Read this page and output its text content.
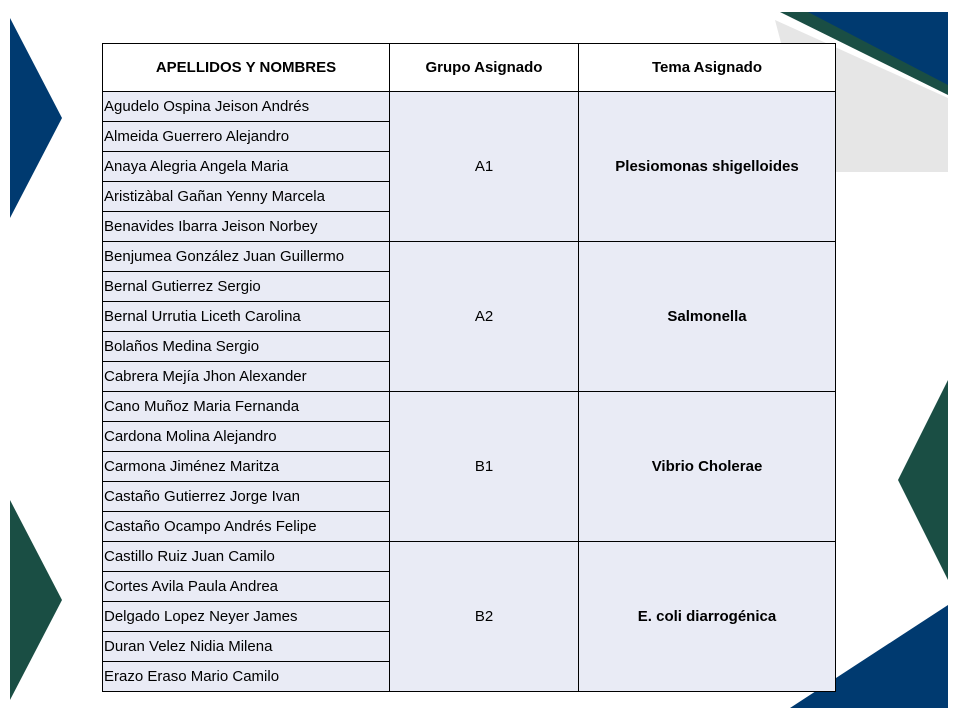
APELLIDOS Y NOMBRES	Grupo Asignado	Tema Asignado
Agudelo Ospina Jeison Andrés	A1	Plesiomonas shigelloides
Almeida Guerrero Alejandro		
Anaya Alegria Angela Maria		
Aristizàbal Gañan Yenny Marcela		
Benavides Ibarra Jeison Norbey		
Benjumea González Juan Guillermo	A2	Salmonella
Bernal Gutierrez Sergio		
Bernal Urrutia Liceth Carolina		
Bolaños Medina Sergio		
Cabrera Mejía Jhon Alexander		
Cano Muñoz Maria Fernanda	B1	Vibrio Cholerae
Cardona Molina Alejandro		
Carmona Jiménez Maritza		
Castaño Gutierrez Jorge Ivan		
Castaño Ocampo Andrés Felipe		
Castillo Ruiz Juan Camilo	B2	E. coli diarrogénica
Cortes Avila Paula Andrea		
Delgado Lopez Neyer James		
Duran Velez Nidia Milena		
Erazo Eraso Mario Camilo		
